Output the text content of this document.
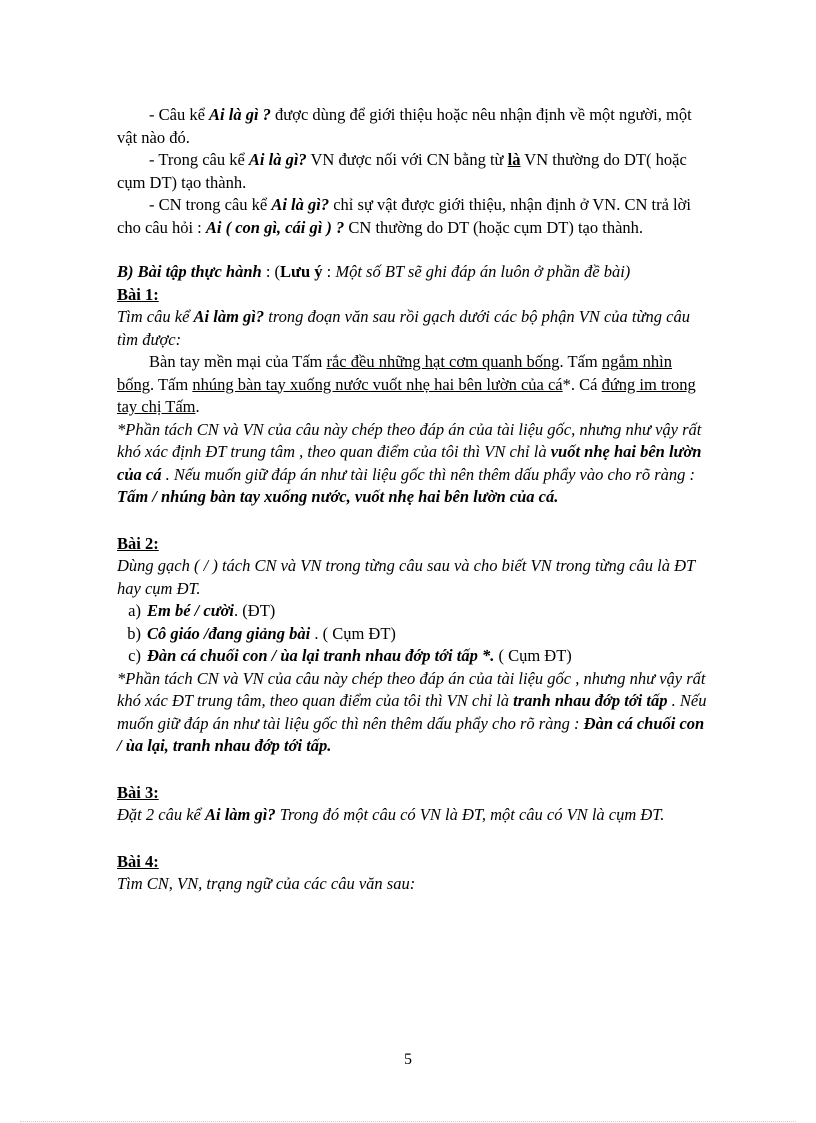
- Câu kể Ai là gì ? được dùng để giới thiệu hoặc nêu nhận định về một người, một vật nào đó.

- Trong câu kể Ai là gì? VN được nối với CN bằng từ là VN thường do DT( hoặc cụm DT) tạo thành.

- CN trong câu kể Ai là gì? chỉ sự vật được giới thiệu, nhận định ở VN. CN trả lời cho câu hỏi : Ai ( con gì, cái gì ) ? CN thường do DT (hoặc cụm DT) tạo thành.

B) Bài tập thực hành : (Lưu ý : Một số BT sẽ ghi đáp án luôn ở phần đề bài)

Bài 1:

Tìm câu kể Ai làm gì? trong đoạn văn sau rồi gạch dưới các bộ phận VN của từng câu tìm được:

Bàn tay mền mại của Tấm rắc đều những hạt cơm quanh bống. Tấm ngắm nhìn bống. Tấm nhúng bàn tay xuống nước vuốt nhẹ hai bên lườn của cá*. Cá đứng im trong tay chị Tấm.

*Phần tách CN và VN của câu này chép theo đáp án của tài liệu gốc, nhưng như vậy rất khó xác định ĐT trung tâm , theo quan điểm của tôi thì VN chỉ là vuốt nhẹ hai bên lườn của cá . Nếu muốn giữ đáp án như tài liệu gốc thì nên thêm dấu phẩy vào cho rõ ràng : Tấm / nhúng bàn tay xuống nước, vuốt nhẹ hai bên lườn của cá.

Bài 2:

Dùng gạch ( / ) tách CN và VN trong từng câu sau và cho biết VN trong từng câu là ĐT hay cụm ĐT.

a) Em bé / cười. (ĐT)
b) Cô giáo /đang giảng bài . ( Cụm ĐT)
c) Đàn cá chuối con / ùa lại tranh nhau đớp tới tấp *. ( Cụm ĐT)

*Phần tách CN và VN của câu này chép theo đáp án của tài liệu gốc , nhưng như vậy rất khó xác ĐT trung tâm, theo quan điểm của tôi thì VN chỉ là tranh nhau đớp tới tấp . Nếu muốn giữ đáp án như tài liệu gốc thì nên thêm dấu phẩy cho rõ ràng : Đàn cá chuối con / ùa lại, tranh nhau đớp tới tấp.

Bài 3:

Đặt 2 câu kể Ai làm gì? Trong đó một câu có VN là ĐT, một câu có VN là cụm ĐT.

Bài 4:

Tìm CN, VN, trạng ngữ của các câu văn sau:

5
